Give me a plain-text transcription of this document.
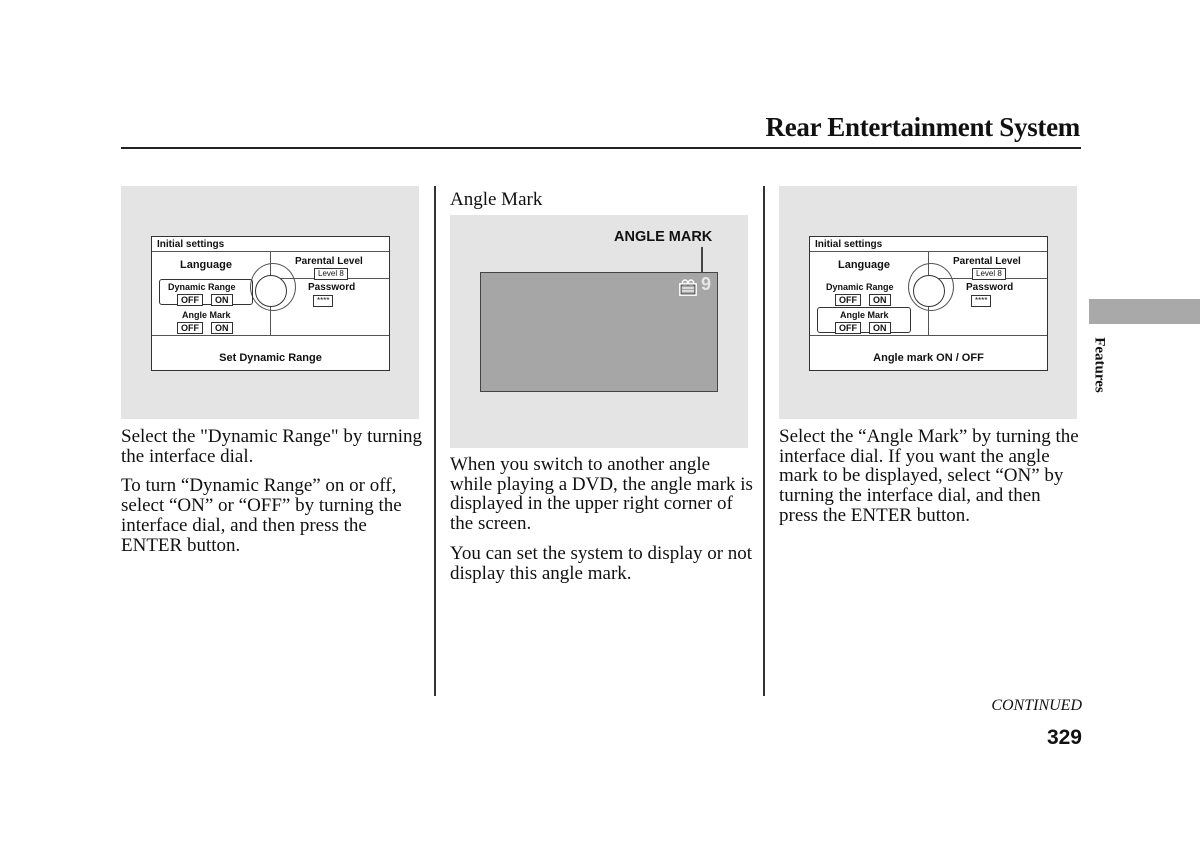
Rear Entertainment System
Initial settings
Language	Parental Level
Level 8
Dynamic Range
OFF	ON
Password
****
Angle Mark
OFF	ON
Set Dynamic Range

Select the "Dynamic Range" by turning the interface dial.

To turn “Dynamic Range” on or off, select “ON” or “OFF” by turning the interface dial, and then press the ENTER button.

Angle Mark
ANGLE MARK
9

When you switch to another angle while playing a DVD, the angle mark is displayed in the upper right corner of the screen.

You can set the system to display or not display this angle mark.

Initial settings
Language	Parental Level
Level 8
Dynamic Range
OFF	ON
Password
****
Angle Mark
OFF	ON
Angle mark ON / OFF

Select the “Angle Mark” by turning the interface dial. If you want the angle mark to be displayed, select “ON” by turning the interface dial, and then press the ENTER button.

Features
CONTINUED
329
